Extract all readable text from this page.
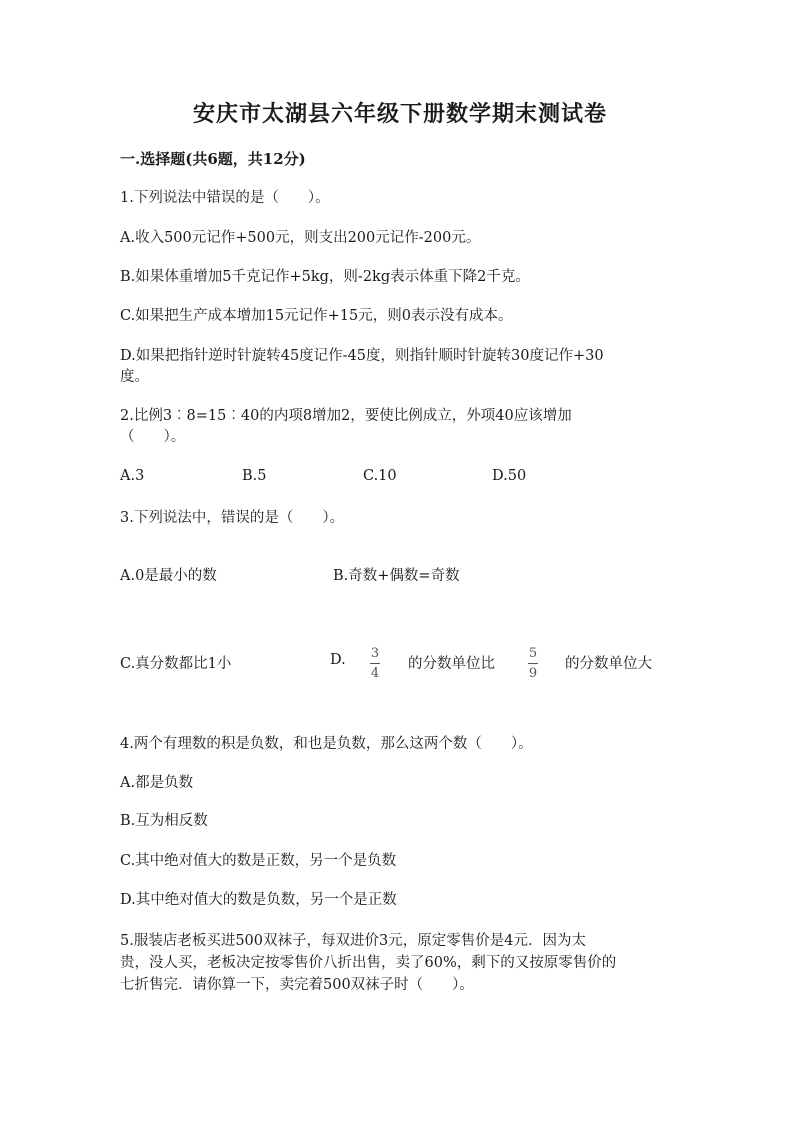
安庆市太湖县六年级下册数学期末测试卷
一.选择题(共6题，共12分)
1.下列说法中错误的是（　　）。
A.收入500元记作+500元，则支出200元记作-200元。
B.如果体重增加5千克记作+5kg，则-2kg表示体重下降2千克。
C.如果把生产成本增加15元记作+15元，则0表示没有成本。
D.如果把指针逆时针旋转45度记作-45度，则指针顺时针旋转30度记作+30
度。
2.比例3︰8=15︰40的内项8增加2，要使比例成立，外项40应该增加
（　　）。
A.3	B.5	C.10	D.50
3.下列说法中，错误的是（　　）。
A.0是最小的数	B.奇数+偶数=奇数
C.真分数都比1小	D. 3
4
的分数单位比
5
9
的分数单位大
4.两个有理数的积是负数，和也是负数，那么这两个数（　　）。
A.都是负数
B.互为相反数
C.其中绝对值大的数是正数，另一个是负数
D.其中绝对值大的数是负数，另一个是正数
5.服装店老板买进500双袜子，每双进价3元，原定零售价是4元．因为太
贵，没人买，老板决定按零售价八折出售，卖了60%，剩下的又按原零售价的
七折售完．请你算一下，卖完着500双袜子时（　　）。
